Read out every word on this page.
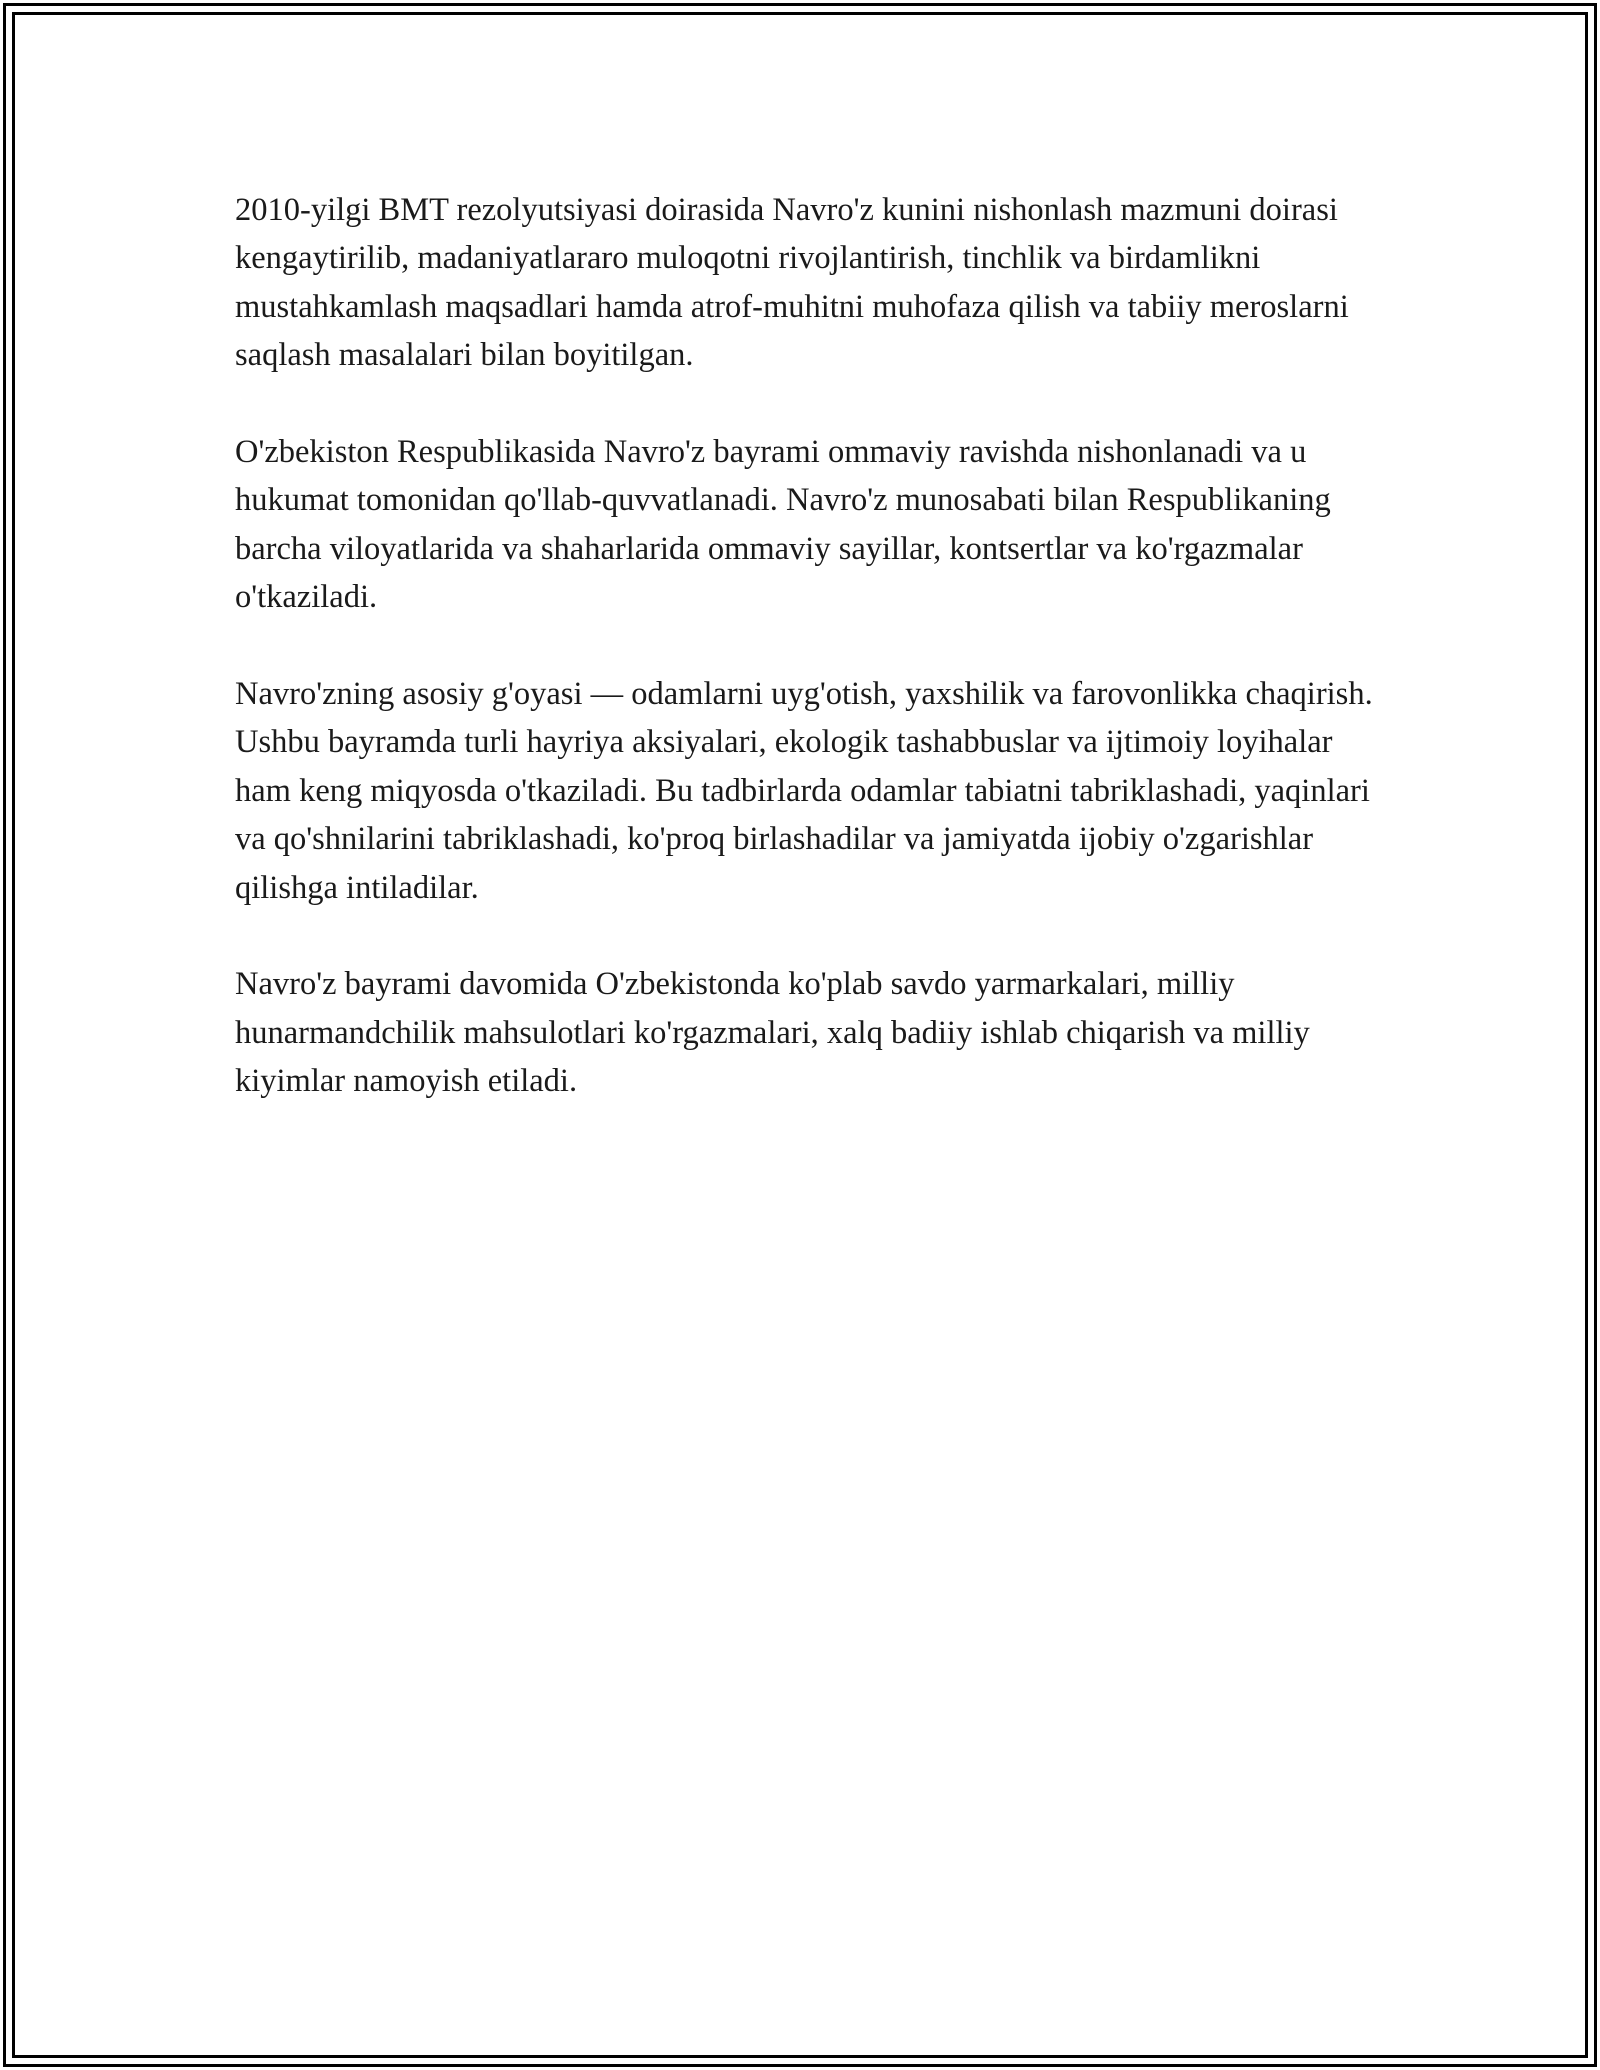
2010-yilgi BMT rezolyutsiyasi doirasida Navro'z kunini nishonlash mazmuni doirasi kengaytirilib, madaniyatlararo muloqotni rivojlantirish, tinchlik va birdamlikni mustahkamlash maqsadlari hamda atrof-muhitni muhofaza qilish va tabiiy meroslarni saqlash masalalari bilan boyitilgan.

O'zbekiston Respublikasida Navro'z bayrami ommaviy ravishda nishonlanadi va u hukumat tomonidan qo'llab-quvvatlanadi. Navro'z munosabati bilan Respublikaning barcha viloyatlarida va shaharlarida ommaviy sayillar, kontsertlar va ko'rgazmalar o'tkaziladi.

Navro'zning asosiy g'oyasi — odamlarni uyg'otish, yaxshilik va farovonlikka chaqirish. Ushbu bayramda turli hayriya aksiyalari, ekologik tashabbuslar va ijtimoiy loyihalar ham keng miqyosda o'tkaziladi. Bu tadbirlarda odamlar tabiatni tabriklashadi, yaqinlari va qo'shnilarini tabriklashadi, ko'proq birlashadilar va jamiyatda ijobiy o'zgarishlar qilishga intiladilar.

Navro'z bayrami davomida O'zbekistonda ko'plab savdo yarmarkalari, milliy hunarmandchilik mahsulotlari ko'rgazmalari, xalq badiiy ishlab chiqarish va milliy kiyimlar namoyish etiladi.
